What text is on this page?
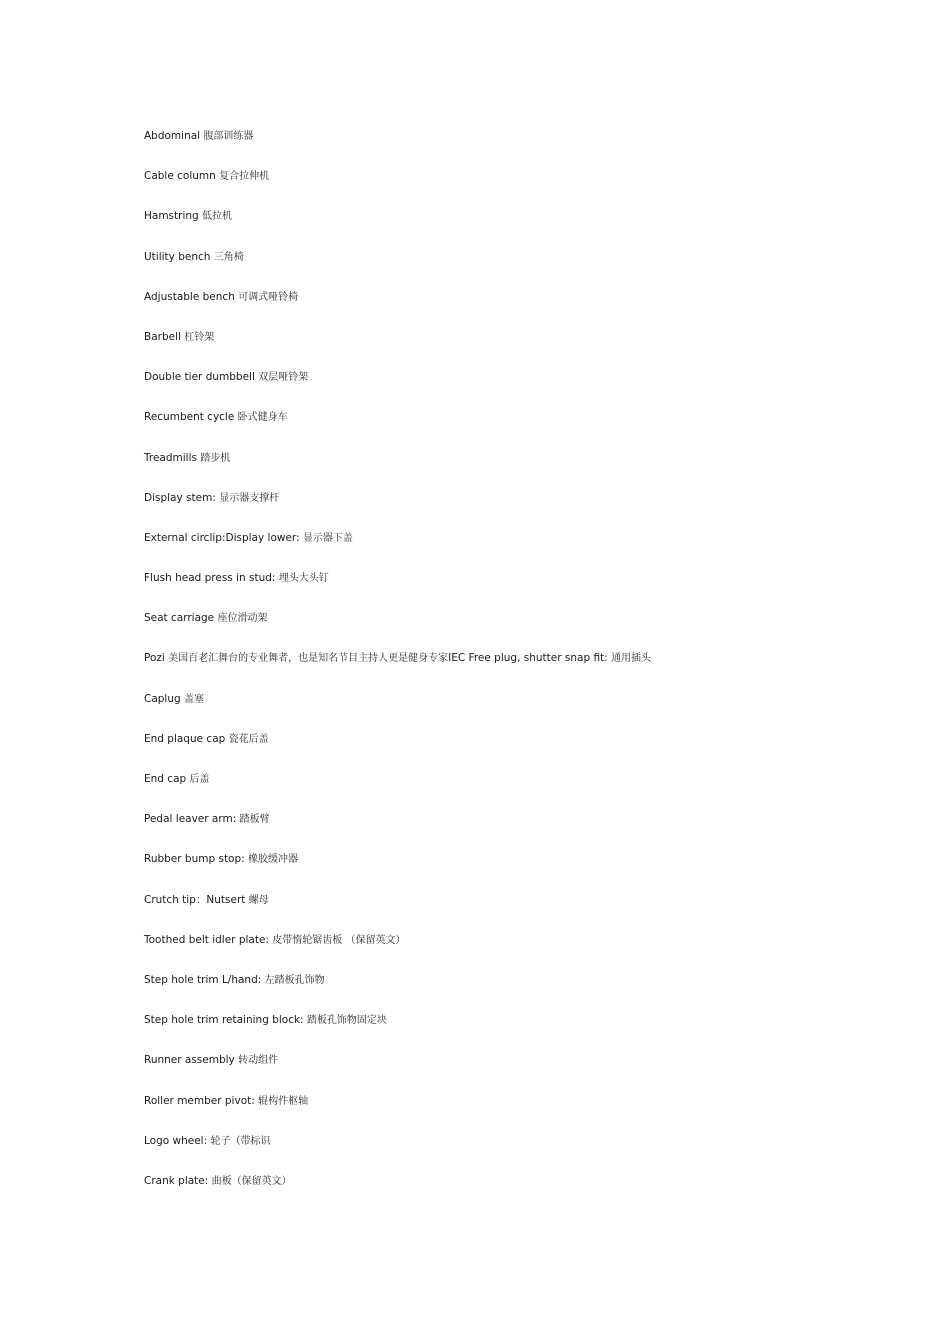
Abdominal 腹部训练器
Cable column 复合拉伸机
Hamstring 低拉机
Utility bench 三角椅
Adjustable bench 可调式哑铃椅
Barbell 杠铃架
Double tier dumbbell 双层哑铃架
Recumbent cycle 卧式健身车
Treadmills 踏步机
Display stem: 显示器支撑杆
External circlip:Display lower: 显示器下盖
Flush head press in stud: 埋头大头钉
Seat carriage 座位滑动架
Pozi 美国百老汇舞台的专业舞者，也是知名节目主持人更是健身专家IEC Free plug, shutter snap fit: 通用插头
Caplug 盖塞
End plaque cap 瓷花后盖
End cap 后盖
Pedal leaver arm: 踏板臂
Rubber bump stop: 橡胶缓冲器
Crutch tip：Nutsert 螺母
Toothed belt idler plate: 皮带惰轮锯齿板 （保留英文）
Step hole trim L/hand: 左踏板孔饰物
Step hole trim retaining block: 踏板孔饰物固定块
Runner assembly 转动组件
Roller member pivot: 辊构件枢轴
Logo wheel: 轮子（带标识
Crank plate: 曲板（保留英文）
